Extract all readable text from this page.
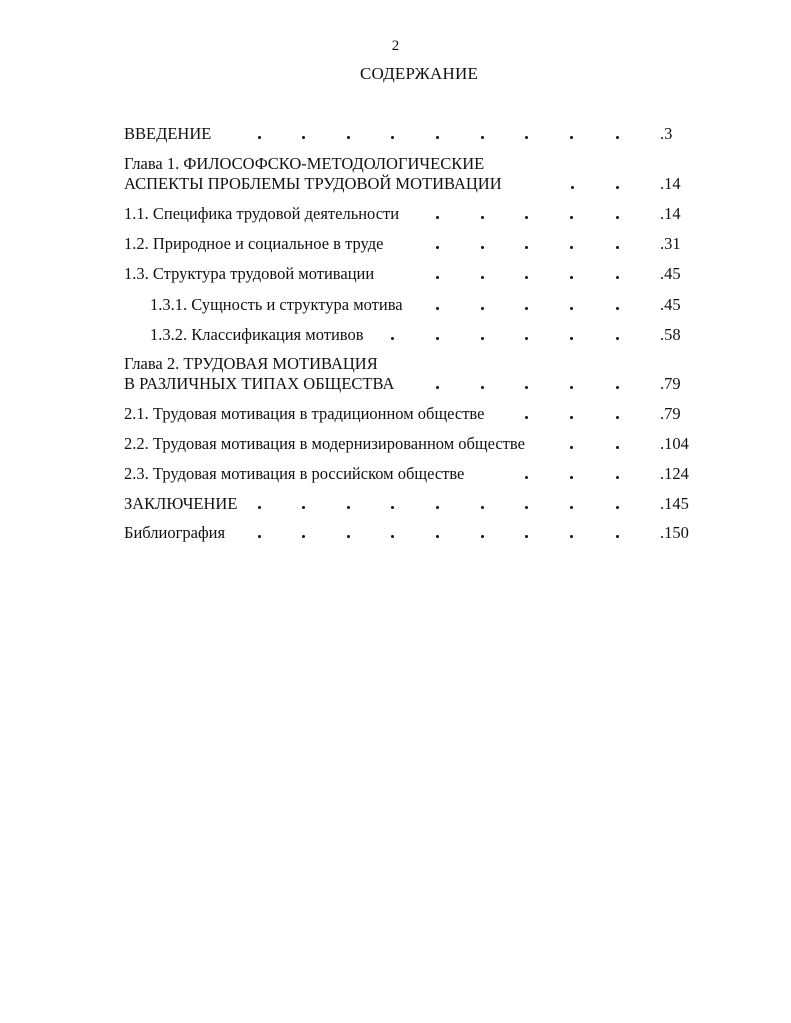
2
СОДЕРЖАНИЕ
ВВЕДЕНИЕ	.3
Глава 1. ФИЛОСОФСКО-МЕТОДОЛОГИЧЕСКИЕ
АСПЕКТЫ ПРОБЛЕМЫ ТРУДОВОЙ МОТИВАЦИИ	.14
1.1. Специфика трудовой деятельности	.14
1.2. Природное и социальное в труде	.31
1.3. Структура трудовой мотивации	.45
1.3.1. Сущность и структура мотива	.45
1.3.2. Классификация мотивов	.58
Глава 2. ТРУДОВАЯ МОТИВАЦИЯ
В РАЗЛИЧНЫХ ТИПАХ ОБЩЕСТВА	.79
2.1. Трудовая мотивация в традиционном обществе	.79
2.2. Трудовая мотивация в модернизированном обществе	.104
2.3. Трудовая мотивация в российском обществе	.124
ЗАКЛЮЧЕНИЕ	.145
Библиография	.150
